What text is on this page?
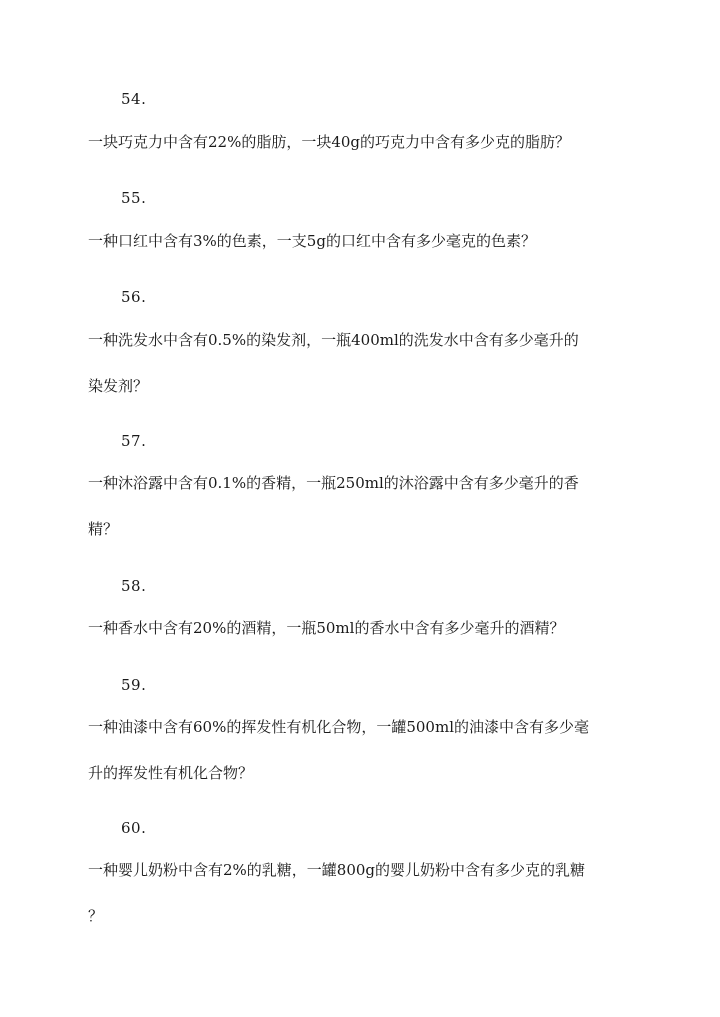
54.
一块巧克力中含有22%的脂肪，一块40g的巧克力中含有多少克的脂肪？
55.
一种口红中含有3%的色素，一支5g的口红中含有多少毫克的色素？
56.
一种洗发水中含有0.5%的染发剂，一瓶400ml的洗发水中含有多少毫升的
染发剂？
57.
一种沐浴露中含有0.1%的香精，一瓶250ml的沐浴露中含有多少毫升的香
精？
58.
一种香水中含有20%的酒精，一瓶50ml的香水中含有多少毫升的酒精？
59.
一种油漆中含有60%的挥发性有机化合物，一罐500ml的油漆中含有多少毫
升的挥发性有机化合物？
60.
一种婴儿奶粉中含有2%的乳糖，一罐800g的婴儿奶粉中含有多少克的乳糖
？
